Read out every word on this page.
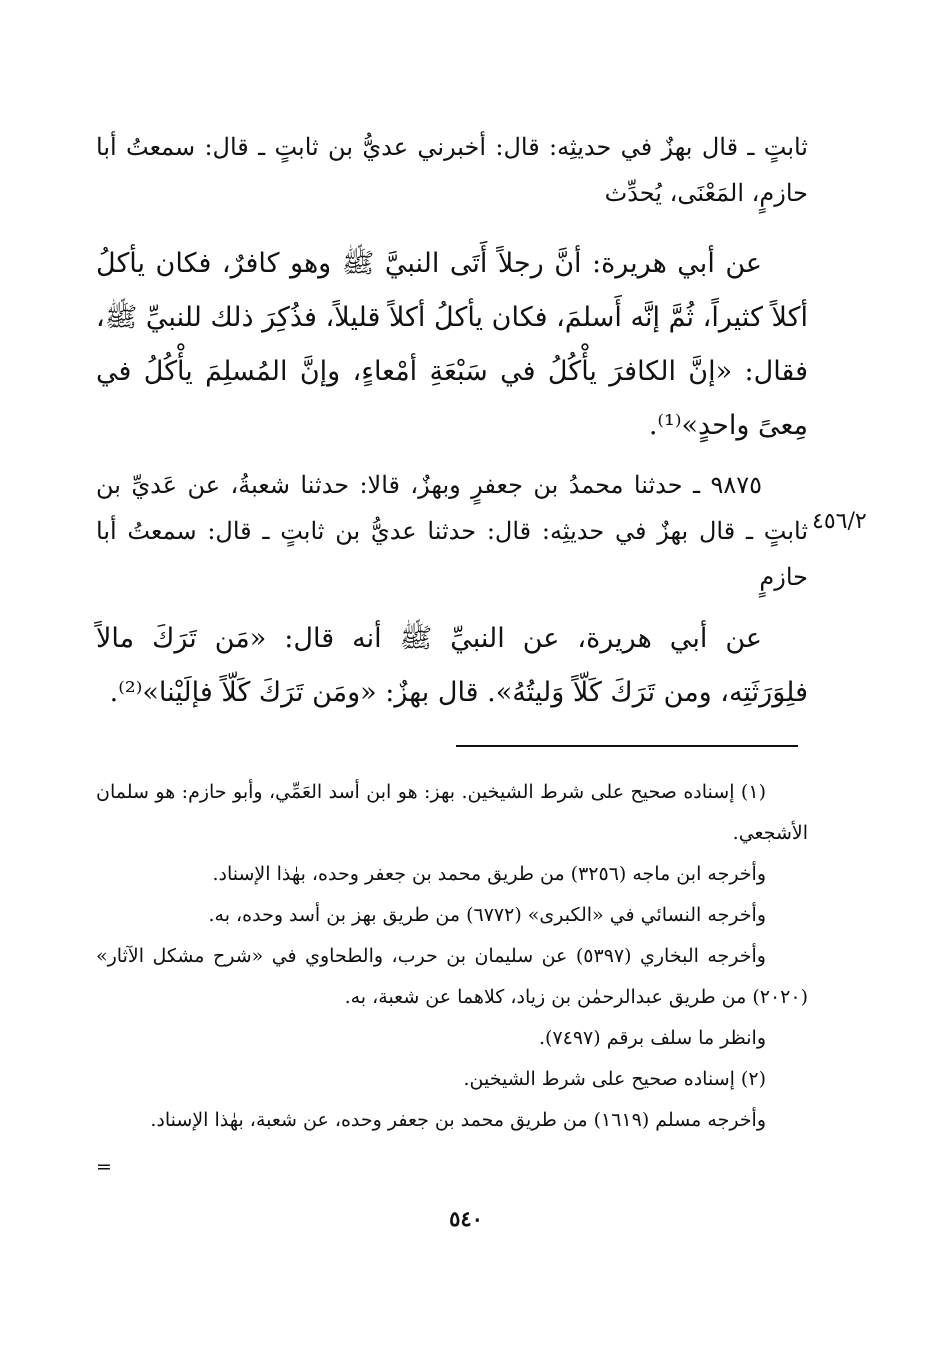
ثابتٍ ـ قال بهزٌ في حديثِه: قال: أخبرني عديُّ بن ثابتٍ ـ قال: سمعتُ أبا حازمٍ، المَعْنَى، يُحدِّث

عن أبي هريرة: أنَّ رجلاً أَتَى النبيَّ ﷺ وهو كافرٌ، فكان يأكلُ أكلاً كثيراً، ثُمَّ إنَّه أَسلمَ، فكان يأكلُ أكلاً قليلاً، فذُكِرَ ذلك للنبيِّ ﷺ، فقال: «إنَّ الكافرَ يأْكُلُ في سَبْعَةِ أمْعاءٍ، وإنَّ المُسلِمَ يأْكُلُ في مِعىً واحدٍ»⁽¹⁾.

٩٨٧٥ ـ حدثنا محمدُ بن جعفرٍ وبهزٌ، قالا: حدثنا شعبةُ، عن عَديِّ بن ثابتٍ ـ قال بهزٌ في حديثِه: قال: حدثنا عديُّ بن ثابتٍ ـ قال: سمعتُ أبا حازمٍ

٤٥٦/٢

عن أبي هريرة، عن النبيِّ ﷺ أنه قال: «مَن تَرَكَ مالاً فلِوَرَثَتِه، ومن تَرَكَ كَلّاً وَليتُهُ». قال بهزٌ: «ومَن تَرَكَ كَلّاً فإلَيْنا»⁽²⁾.

(١) إسناده صحيح على شرط الشيخين. بهز: هو ابن أسد العَمِّي، وأبو حازم: هو سلمان الأشجعي.

وأخرجه ابن ماجه (٣٢٥٦) من طريق محمد بن جعفر وحده، بهٰذا الإسناد.

وأخرجه النسائي في «الكبرى» (٦٧٧٢) من طريق بهز بن أسد وحده، به.

وأخرجه البخاري (٥٣٩٧) عن سليمان بن حرب، والطحاوي في «شرح مشكل الآثار» (٢٠٢٠) من طريق عبدالرحمٰن بن زياد، كلاهما عن شعبة، به.

وانظر ما سلف برقم (٧٤٩٧).

(٢) إسناده صحيح على شرط الشيخين.

وأخرجه مسلم (١٦١٩) من طريق محمد بن جعفر وحده، عن شعبة، بهٰذا الإسناد.

=
٥٤٠
